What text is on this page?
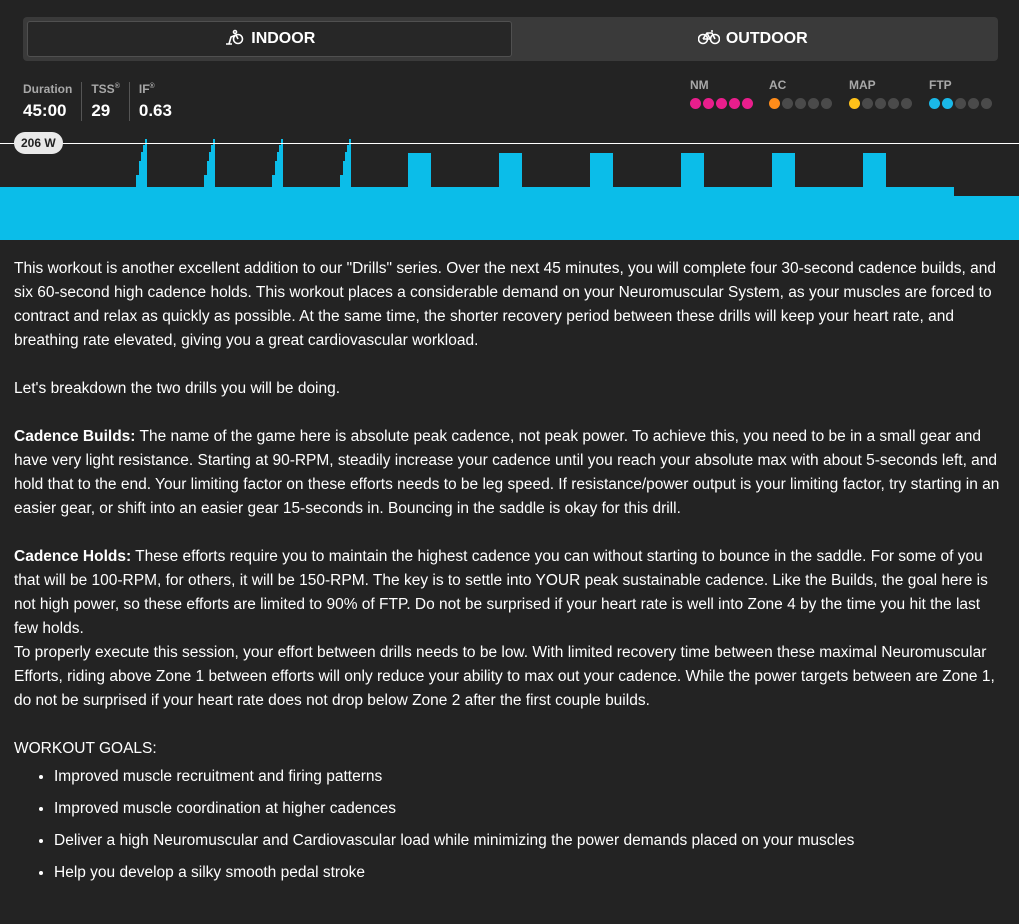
INDOOR	OUTDOOR
Duration
45:00
TSS®
29
IF®
0.63
NM	AC	MAP	FTP
206 W

This workout is another excellent addition to our "Drills" series. Over the next 45 minutes, you will complete four 30-second cadence builds, and six 60-second high cadence holds. This workout places a considerable demand on your Neuromuscular System, as your muscles are forced to contract and relax as quickly as possible. At the same time, the shorter recovery period between these drills will keep your heart rate, and breathing rate elevated, giving you a great cardiovascular workload.

Let's breakdown the two drills you will be doing.

Cadence Builds: The name of the game here is absolute peak cadence, not peak power. To achieve this, you need to be in a small gear and have very light resistance. Starting at 90-RPM, steadily increase your cadence until you reach your absolute max with about 5-seconds left, and hold that to the end. Your limiting factor on these efforts needs to be leg speed. If resistance/power output is your limiting factor, try starting in an easier gear, or shift into an easier gear 15-seconds in. Bouncing in the saddle is okay for this drill.

Cadence Holds: These efforts require you to maintain the highest cadence you can without starting to bounce in the saddle. For some of you that will be 100-RPM, for others, it will be 150-RPM. The key is to settle into YOUR peak sustainable cadence. Like the Builds, the goal here is not high power, so these efforts are limited to 90% of FTP. Do not be surprised if your heart rate is well into Zone 4 by the time you hit the last few holds.

To properly execute this session, your effort between drills needs to be low. With limited recovery time between these maximal Neuromuscular Efforts, riding above Zone 1 between efforts will only reduce your ability to max out your cadence. While the power targets between are Zone 1, do not be surprised if your heart rate does not drop below Zone 2 after the first couple builds.

WORKOUT GOALS:

• Improved muscle recruitment and firing patterns
• Improved muscle coordination at higher cadences
• Deliver a high Neuromuscular and Cardiovascular load while minimizing the power demands placed on your muscles
• Help you develop a silky smooth pedal stroke
